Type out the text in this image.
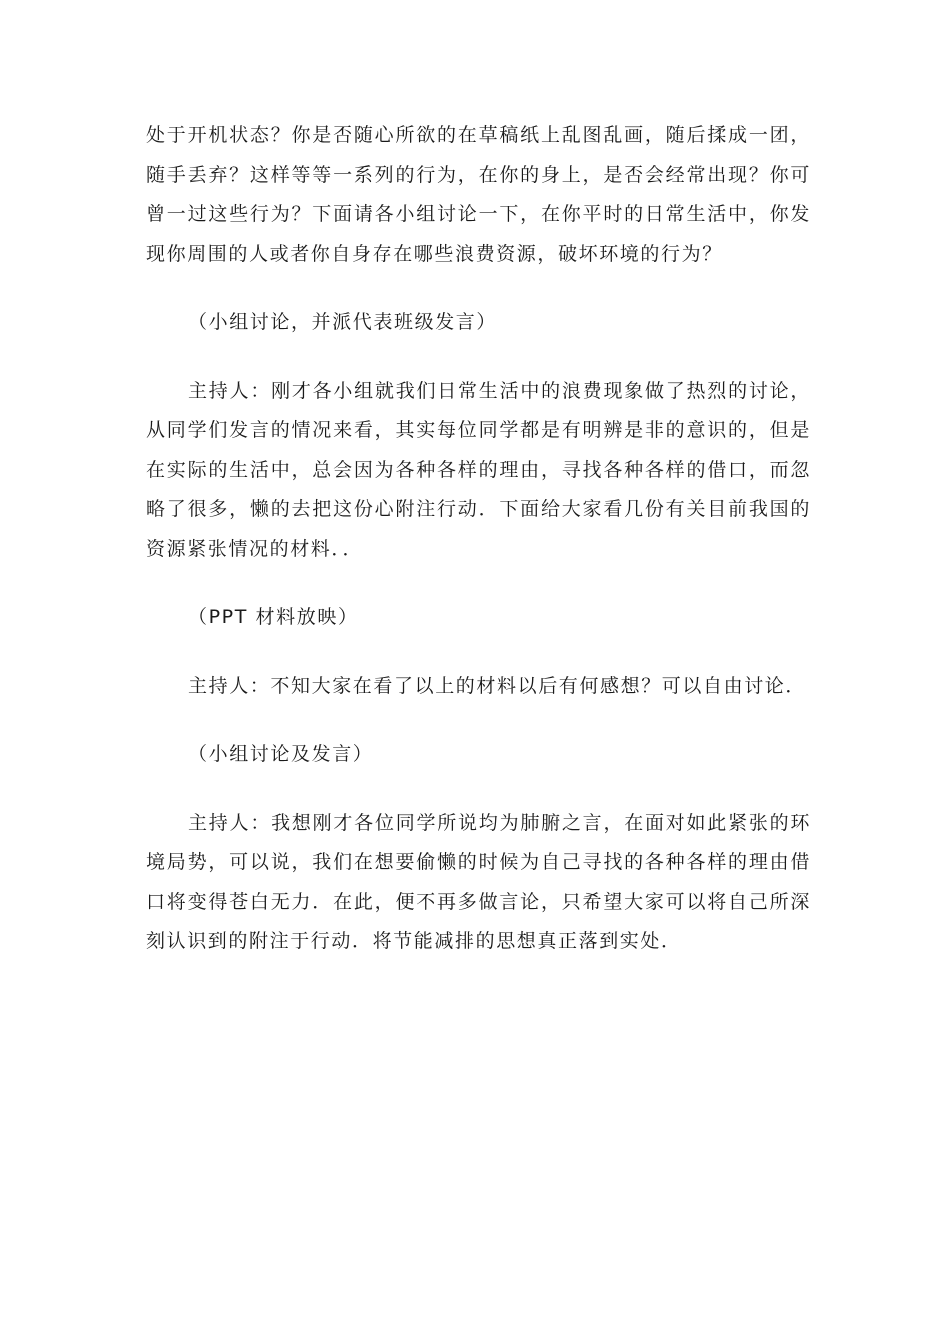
处于开机状态？你是否随心所欲的在草稿纸上乱图乱画，随后揉成一团，随手丢弃？这样等等一系列的行为，在你的身上，是否会经常出现？你可曾一过这些行为？下面请各小组讨论一下，在你平时的日常生活中，你发现你周围的人或者你自身存在哪些浪费资源，破坏环境的行为？

（小组讨论，并派代表班级发言）

主持人：刚才各小组就我们日常生活中的浪费现象做了热烈的讨论，从同学们发言的情况来看，其实每位同学都是有明辨是非的意识的，但是在实际的生活中，总会因为各种各样的理由，寻找各种各样的借口，而忽略了很多，懒的去把这份心附注行动．下面给大家看几份有关目前我国的资源紧张情况的材料．．

（PPT 材料放映）

主持人：不知大家在看了以上的材料以后有何感想？可以自由讨论．

（小组讨论及发言）

主持人：我想刚才各位同学所说均为肺腑之言，在面对如此紧张的环境局势，可以说，我们在想要偷懒的时候为自己寻找的各种各样的理由借口将变得苍白无力．在此，便不再多做言论，只希望大家可以将自己所深刻认识到的附注于行动．将节能减排的思想真正落到实处．
